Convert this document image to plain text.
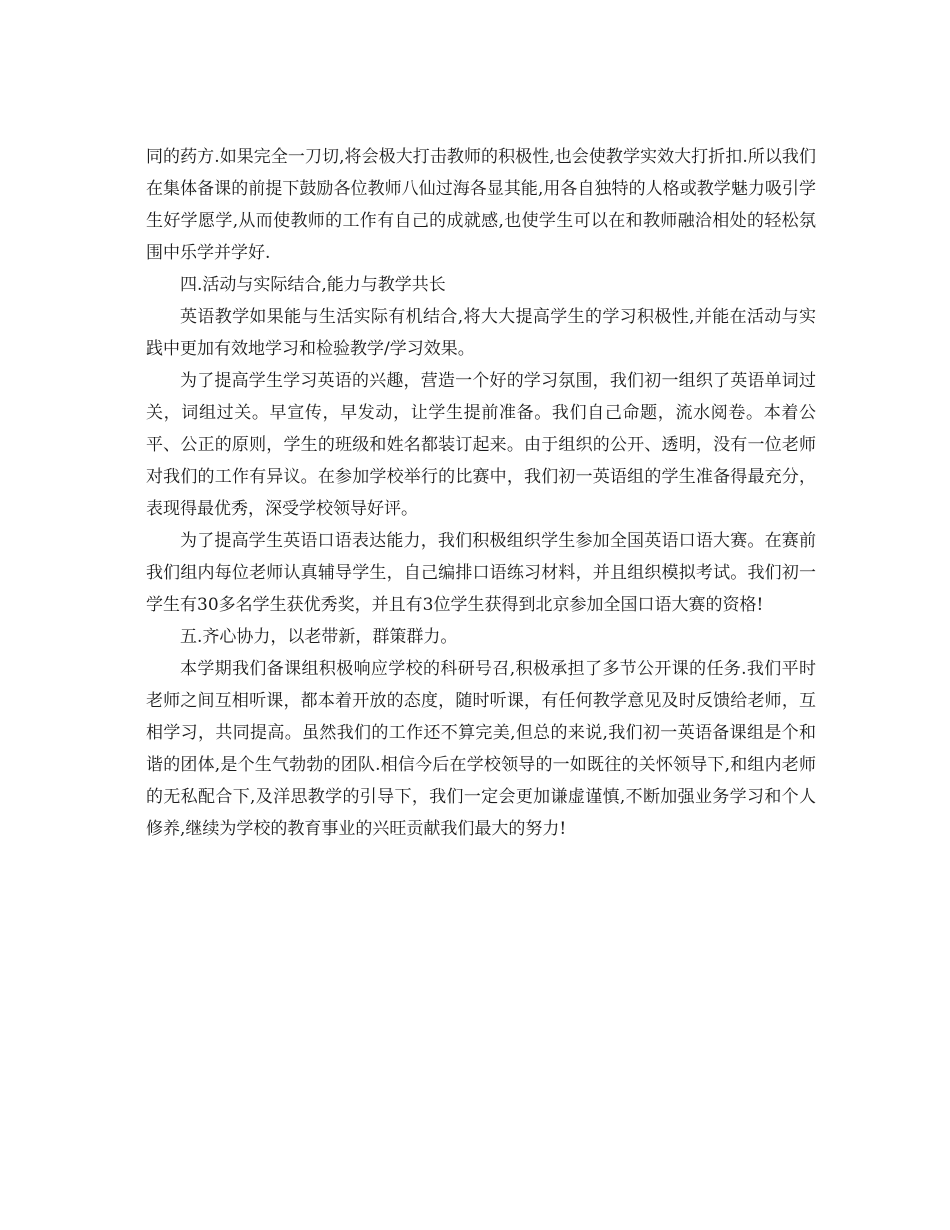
同的药方.如果完全一刀切,将会极大打击教师的积极性,也会使教学实效大打折扣.所以我们在集体备课的前提下鼓励各位教师八仙过海各显其能,用各自独特的人格或教学魅力吸引学生好学愿学,从而使教师的工作有自己的成就感,也使学生可以在和教师融洽相处的轻松氛围中乐学并学好.

四.活动与实际结合,能力与教学共长

英语教学如果能与生活实际有机结合,将大大提高学生的学习积极性,并能在活动与实践中更加有效地学习和检验教学/学习效果。

为了提高学生学习英语的兴趣，营造一个好的学习氛围，我们初一组织了英语单词过关，词组过关。早宣传，早发动，让学生提前准备。我们自己命题，流水阅卷。本着公平、公正的原则，学生的班级和姓名都装订起来。由于组织的公开、透明，没有一位老师对我们的工作有异议。在参加学校举行的比赛中，我们初一英语组的学生准备得最充分，表现得最优秀，深受学校领导好评。

为了提高学生英语口语表达能力，我们积极组织学生参加全国英语口语大赛。在赛前我们组内每位老师认真辅导学生，自己编排口语练习材料，并且组织模拟考试。我们初一学生有30多名学生获优秀奖，并且有3位学生获得到北京参加全国口语大赛的资格!

五.齐心协力，以老带新，群策群力。

本学期我们备课组积极响应学校的科研号召,积极承担了多节公开课的任务.我们平时老师之间互相听课，都本着开放的态度，随时听课，有任何教学意见及时反馈给老师，互相学习，共同提高。虽然我们的工作还不算完美,但总的来说,我们初一英语备课组是个和谐的团体,是个生气勃勃的团队.相信今后在学校领导的一如既往的关怀领导下,和组内老师的无私配合下,及洋思教学的引导下，我们一定会更加谦虚谨慎,不断加强业务学习和个人修养,继续为学校的教育事业的兴旺贡献我们最大的努力!
